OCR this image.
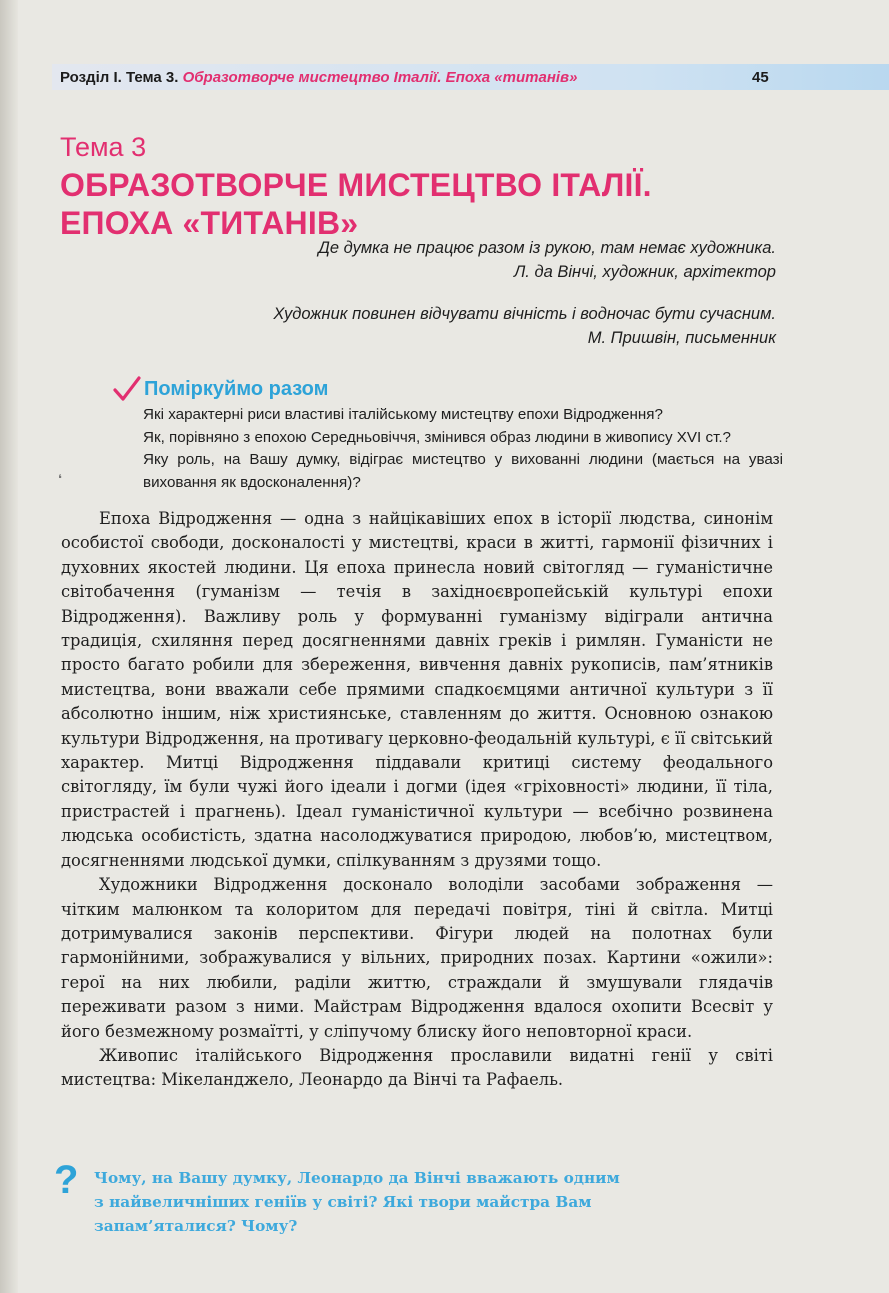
Розділ І. Тема 3. Образотворче мистецтво Італії. Епоха «титанів»	45
Тема 3
ОБРАЗОТВОРЧЕ МИСТЕЦТВО ІТАЛІЇ.
ЕПОХА «ТИТАНІВ»
Де думка не працює разом із рукою, там немає художника.
Л. да Вінчі, художник, архітектор
Художник повинен відчувати вічність і водночас бути сучасним.
М. Пришвін, письменник
Поміркуймо разом

Які характерні риси властиві італійському мистецтву епохи Відродження?

Як, порівняно з епохою Середньовіччя, змінився образ людини в живопису XVI ст.?

Яку роль, на Вашу думку, відіграє мистецтво у вихованні людини (мається на увазі виховання як вдосконалення)?

❛

Епоха Відродження — одна з найцікавіших епох в історії людства, синонім особистої свободи, досконалості у мистецтві, краси в житті, гармонії фізичних і духовних якостей людини. Ця епоха принесла новий світогляд — гуманістичне світобачення (гуманізм — течія в західноєвропейській культурі епохи Відродження). Важливу роль у формуванні гуманізму відіграли антична традиція, схиляння перед досягненнями давніх греків і римлян. Гуманісти не просто багато робили для збереження, вивчення давніх рукописів, пам’ятників мистецтва, вони вважали себе прямими спадкоємцями античної культури з її абсолютно іншим, ніж християнське, ставленням до життя. Основною ознакою культури Відродження, на противагу церковно-феодальній культурі, є її світський характер. Митці Відродження піддавали критиці систему феодального світогляду, їм були чужі його ідеали і догми (ідея «гріховності» людини, її тіла, пристрастей і прагнень). Ідеал гуманістичної культури — всебічно розвинена людська особистість, здатна насолоджуватися природою, любов’ю, мистецтвом, досягненнями людської думки, спілкуванням з друзями тощо.

Художники Відродження досконало володіли засобами зображення — чітким малюнком та колоритом для передачі повітря, тіні й світла. Митці дотримувалися законів перспективи. Фігури людей на полотнах були гармонійними, зображувалися у вільних, природних позах. Картини «ожили»: герої на них любили, раділи життю, страждали й змушували глядачів переживати разом з ними. Майстрам Відродження вдалося охопити Всесвіт у його безмежному розмаїтті, у сліпучому блиску його неповторної краси.

Живопис італійського Відродження прославили видатні генії у світі мистецтва: Мікеланджело, Леонардо да Вінчі та Рафаель.

? Чому, на Вашу думку, Леонардо да Вінчі вважають одним
з найвеличніших геніїв у світі? Які твори майстра Вам
запам’яталися? Чому?
